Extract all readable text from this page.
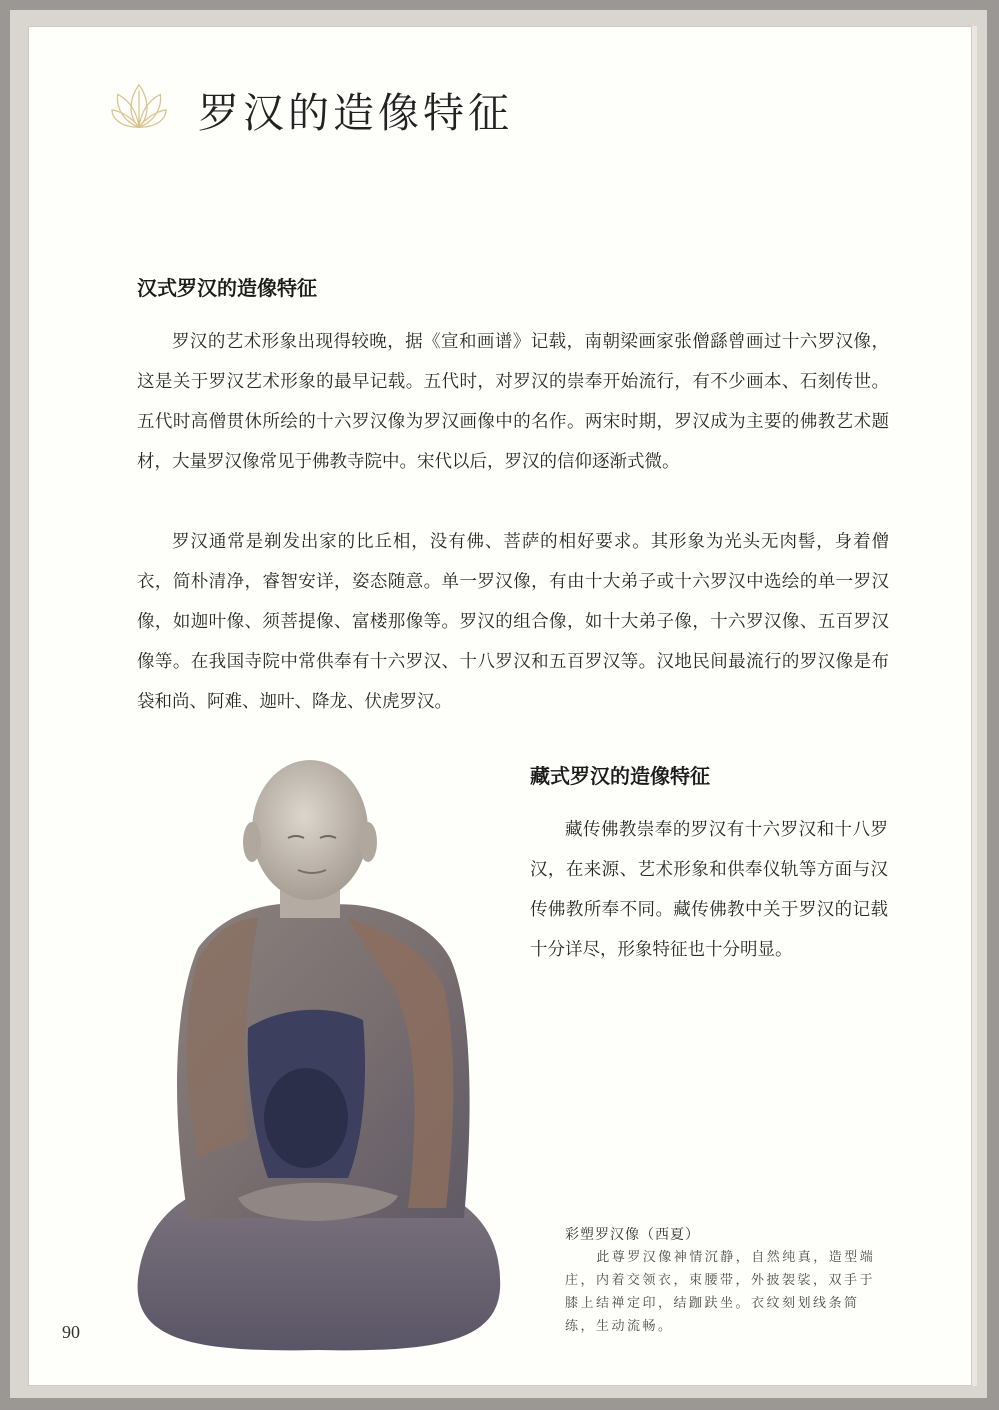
罗汉的造像特征
汉式罗汉的造像特征

罗汉的艺术形象出现得较晚，据《宣和画谱》记载，南朝梁画家张僧繇曾画过十六罗汉像，这是关于罗汉艺术形象的最早记载。五代时，对罗汉的崇奉开始流行，有不少画本、石刻传世。五代时高僧贯休所绘的十六罗汉像为罗汉画像中的名作。两宋时期，罗汉成为主要的佛教艺术题材，大量罗汉像常见于佛教寺院中。宋代以后，罗汉的信仰逐渐式微。

罗汉通常是剃发出家的比丘相，没有佛、菩萨的相好要求。其形象为光头无肉髻，身着僧衣，简朴清净，睿智安详，姿态随意。单一罗汉像，有由十大弟子或十六罗汉中选绘的单一罗汉像，如迦叶像、须菩提像、富楼那像等。罗汉的组合像，如十大弟子像，十六罗汉像、五百罗汉像等。在我国寺院中常供奉有十六罗汉、十八罗汉和五百罗汉等。汉地民间最流行的罗汉像是布袋和尚、阿难、迦叶、降龙、伏虎罗汉。

藏式罗汉的造像特征

藏传佛教崇奉的罗汉有十六罗汉和十八罗汉，在来源、艺术形象和供奉仪轨等方面与汉传佛教所奉不同。藏传佛教中关于罗汉的记载十分详尽，形象特征也十分明显。

彩塑罗汉像（西夏）

此尊罗汉像神情沉静，自然纯真，造型端庄，内着交领衣，束腰带，外披袈裟，双手于膝上结禅定印，结跏趺坐。衣纹刻划线条简练，生动流畅。

90
